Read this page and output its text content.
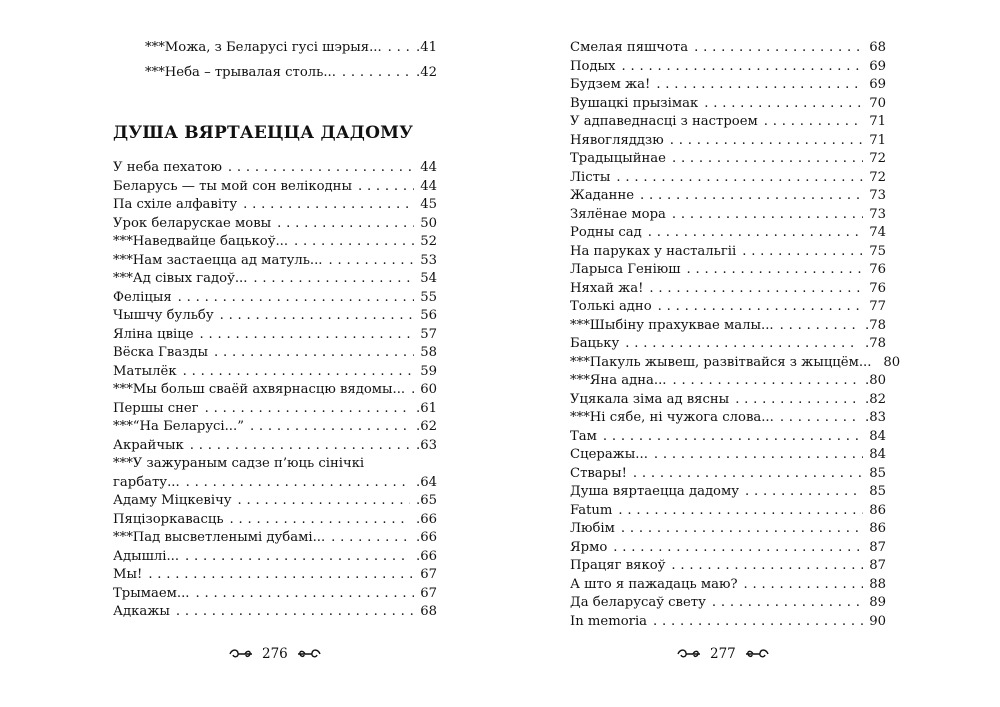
***Можа, з Беларусі гусі шэрыя... .....	.41
***Неба – трывалая столь... .....	.42
ДУША ВЯРТАЕЦЦА ДАДОМУ
У неба пехатою .....	44
Беларусь — ты мой сон велікодны .....	44
Па схіле алфавіту .....	45
Урок беларускае мовы .....	50
***Наведвайце бацькоў... .....	52
***Нам застаецца ад матуль... .....	53
***Ад сівых гадоў... .....	54
Феліцыя .....	55
Чышчу бульбу .....	56
Яліна цвіце .....	57
Вёска Гвазды .....	58
Матылёк .....	59
***Мы больш сваёй ахвярнасцю вядомы... ..... 60
Першы снег .....	.61
***“На Беларусі...” .....	.62
Акрайчык .....	.63
***У зажураным садзе п’юць сінічкі
гарбату... .....	.64
Адаму Міцкевічу .....	.65
Пяцізоркавасць .....	.66
***Пад высветленымі дубамі... .....	.66
Адышлі... .....	.66
Мы! .....	67
Трымаем... .....	67
Адкажы .....	68
276
Смелая пяшчота .....	68
Подых .....	69
Будзем жа! .....	69
Вушацкі прызімак .....	70
У адпаведнасці з настроем .....	71
Нявогляддзю .....	71
Традыцыйнае .....	72
Лісты .....	72
Жаданне .....	73
Зялёнае мора .....	73
Родны сад .....	74
На паруках у настальгіі .....	75
Ларыса Геніюш .....	76
Няхай жа! .....	76
Толькі адно .....	77
***Шыбіну прахуквае малы... .....	.78
Бацьку .....	.78
***Пакуль жывеш, развітвайся з жыццём... 80
***Яна адна... .....	.80
Уцякала зіма ад вясны .....	.82
***Ні сябе, ні чужога слова... .....	.83
Там .....	84
Сцеражы... .....	84
Ствары! .....	85
Душа вяртаецца дадому .....	85
Fatum .....	86
Любім .....	86
Ярмо .....	87
Працяг вякоў .....	87
А што я пажадаць маю? .....	88
Да беларусаў свету .....	89
In memoria .....	90
277
